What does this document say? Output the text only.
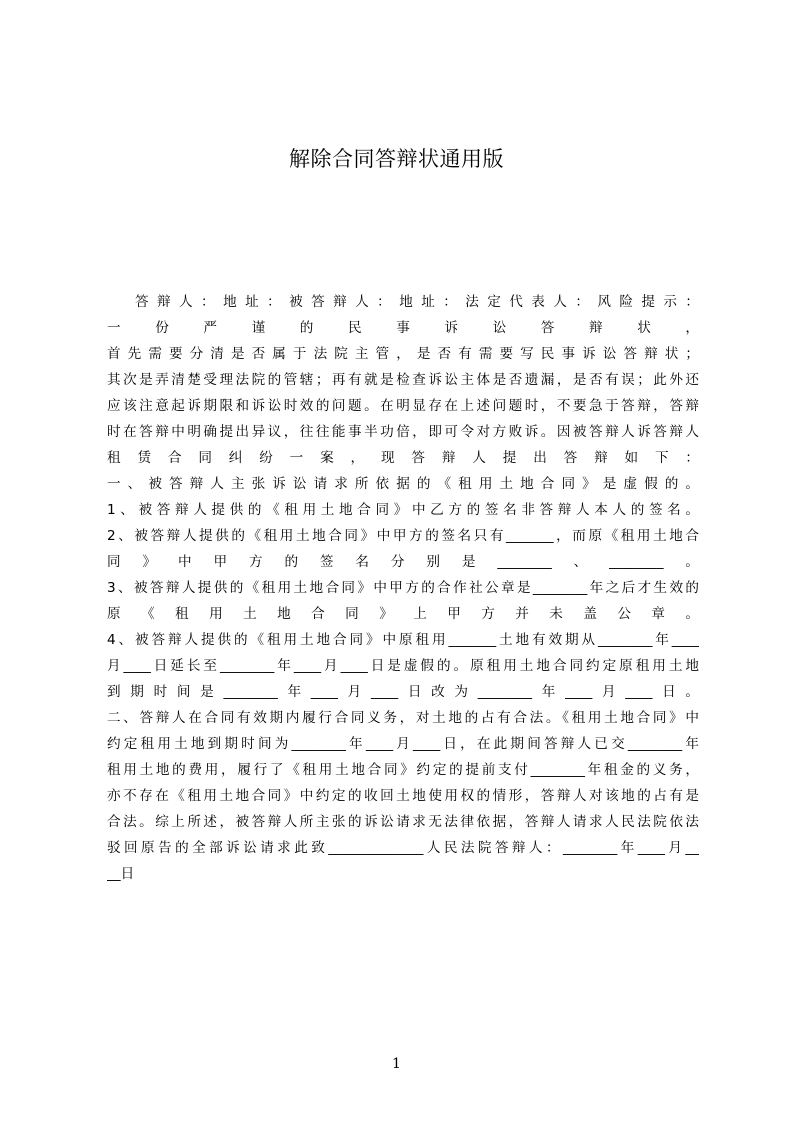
解除合同答辩状通用版
答辩人：地址：被答辩人：地址：法定代表人：风险提示：
一份严谨的民事诉讼答辩状，
首先需要分清是否属于法院主管，是否有需要写民事诉讼答辩状；
其次是弄清楚受理法院的管辖；再有就是检查诉讼主体是否遗漏，是否有误；此外还
应该注意起诉期限和诉讼时效的问题。在明显存在上述问题时，不要急于答辩，答辩
时在答辩中明确提出异议，往往能事半功倍，即可令对方败诉。因被答辩人诉答辩人
租赁合同纠纷一案，现答辩人提出答辩如下：
一、被答辩人主张诉讼请求所依据的《租用土地合同》是虚假的。
1、被答辩人提供的《租用土地合同》中乙方的签名非答辩人本人的签名。
2、被答辩人提供的《租用土地合同》中甲方的签名只有_______，而原《租用土地合
同》中甲方的签名分别是________、________。
3、被答辩人提供的《租用土地合同》中甲方的合作社公章是________年之后才生效的
原《租用土地合同》上甲方并未盖公章。
4、被答辩人提供的《租用土地合同》中原租用_______土地有效期从________年____
月____日延长至________年____月____日是虚假的。原租用土地合同约定原租用土地
到期时间是________年____月____日改为________年____月____日。
二、答辩人在合同有效期内履行合同义务，对土地的占有合法。《租用土地合同》中
约定租用土地到期时间为________年____月____日，在此期间答辩人已交________年
租用土地的费用，履行了《租用土地合同》约定的提前支付________年租金的义务，
亦不存在《租用土地合同》中约定的收回土地使用权的情形，答辩人对该地的占有是
合法。综上所述，被答辩人所主张的诉讼请求无法律依据，答辩人请求人民法院依法
驳回原告的全部诉讼请求此致______________人民法院答辩人：________年____月__
__日
1
